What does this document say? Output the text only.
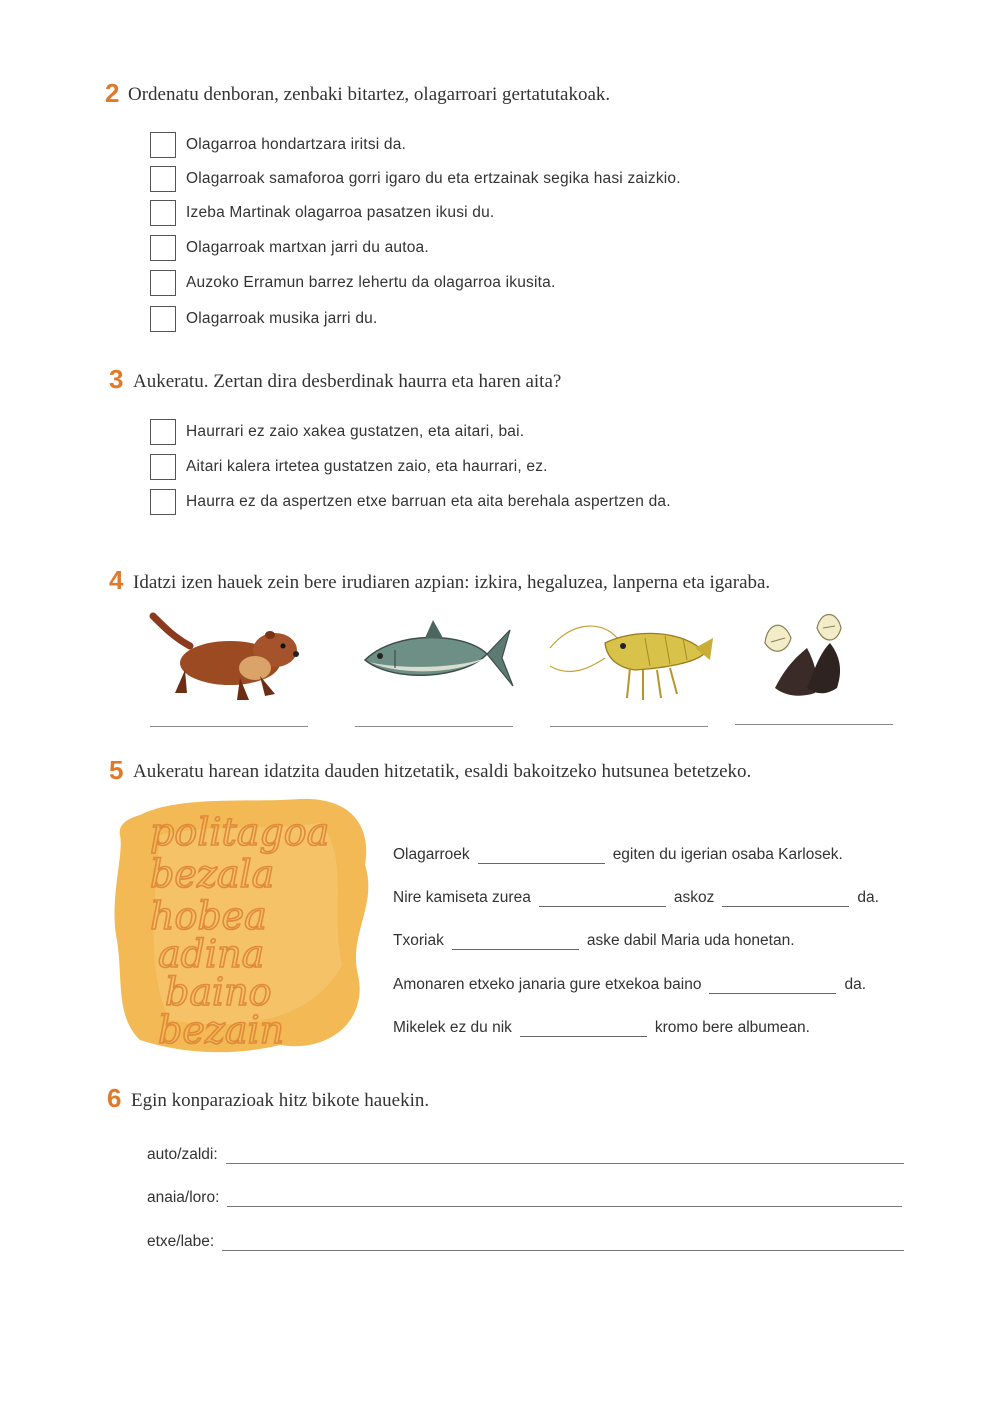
2 Ordenatu denboran, zenbaki bitartez, olagarroari gertatutakoak.
Olagarroa hondartzara iritsi da.
Olagarroak samaforoa gorri igaro du eta ertzainak segika hasi zaizkio.
Izeba Martinak olagarroa pasatzen ikusi du.
Olagarroak martxan jarri du autoa.
Auzoko Erramun barrez lehertu da olagarroa ikusita.
Olagarroak musika jarri du.
3 Aukeratu. Zertan dira desberdinak haurra eta haren aita?
Haurrari ez zaio xakea gustatzen, eta aitari, bai.
Aitari kalera irtetea gustatzen zaio, eta haurrari, ez.
Haurra ez da aspertzen etxe barruan eta aita berehala aspertzen da.
4 Idatzi izen hauek zein bere irudiaren azpian: izkira, hegaluzea, lanperna eta igaraba.
5 Aukeratu harean idatzita dauden hitzetatik, esaldi bakoitzeko hutsunea betetzeko.
politagoa
bezala
hobea
adina
baino
bezain
Olagarroek	egiten du igerian osaba Karlosek.
Nire kamiseta zurea	askoz	da.
Txoriak	aske dabil Maria uda honetan.
Amonaren etxeko janaria gure etxekoa baino	da.
Mikelek ez du nik	kromo bere albumean.
6 Egin konparazioak hitz bikote hauekin.
auto/zaldi:
anaia/loro:
etxe/labe:
